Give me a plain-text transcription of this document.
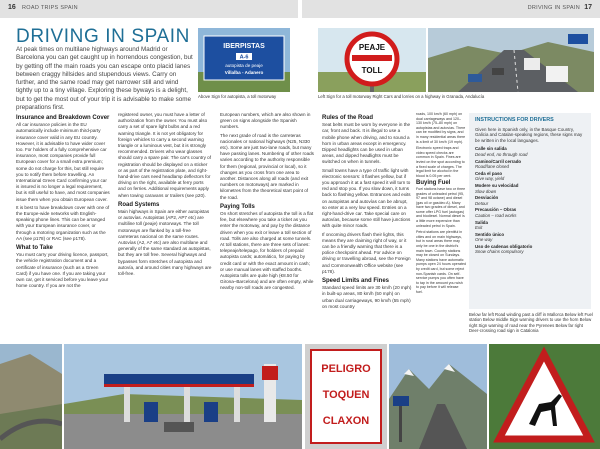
16 ROAD TRIPS SPAIN	DRIVING IN SPAIN 17
DRIVING IN SPAIN

At peak times on multilane highways around Madrid or Barcelona you can get caught up in horrendous congestion, but by getting off the main roads you can escape onto placid lanes between craggy hillsides and stupendous views. Carry on further, and the same road may get narrower still and wind tightly up to a tiny village. Exploring these byways is a delight, but to get the most out of your trip it is advisable to make some preparations first.

IBERPISTAS
A-6
autopista de peaje
Villalba - Adanero
Above Sign for autopista, a toll motorway
PEAJE
TOLL
Left Sign for a toll motorway Right Cars and lorries on a highway in Granada, Andalucía
Insurance and Breakdown Cover

All car insurance policies in the EU automatically include minimum third-party insurance cover valid in any EU country. However, it is advisable to have wider cover too. For holders of a fully comprehensive car insurance, most companies provide full European cover for a small extra premium; some do not charge for this, but still require you to notify them before travelling. An International Green Card confirming your car is insured is no longer a legal requirement, but is still useful to have, and most companies issue them when you obtain European cover.

It is best to have breakdown cover with one of the Europe-wide networks with English-speaking phone lines. This can be arranged with your European insurance cover, or through a motoring organization such as the AA (see p178) or RAC (see p178).

What to Take

You must carry your driving licence, passport, the vehicle registration document and a certificate of insurance (such as a Green Card) if you have one. If you are taking your own car, get it serviced before you leave your home country. If you are not the

registered owner, you must have a letter of authorization from the owner. You must also carry a set of spare light bulbs and a red warning triangle. It is not yet obligatory for foreign vehicles to carry a second warning triangle or a luminous vest, but it is strongly recommended. Drivers who wear glasses should carry a spare pair. The car's country of registration should be displayed on a sticker or as part of the registration plate, and right-hand-drive cars need headlamp deflectors for driving on the right, available at ferry ports and on ferries. Additional requirements apply when towing caravans or trailers (see p20).

Road Systems

Main highways in Spain are either autopistas or autovías. Autopistas (AP2, AP7 etc) are multiline toll (peaje) motorways. The toll motorways are flanked by a toll-free carreteras nacional on the same routes. Autovías (A2, A7 etc) are also multilane and generally of the same standard as autopistas, but they are toll free. Several highways and bypasses form stretches of autopista and autovía, and around cities many highways are toll-free.

European numbers, which are also shown in green on signs alongside the Spanish numbers.

The next grade of road is the carreteras nacionales or national highways (N25, N330 etc). Some are just two-lane roads, but many have passing lanes. Numbering of other roads varies according to the authority responsible for them (regional, provincial or local), so it changes as you cross from one area to another. Distances along all roads (and exit numbers on motorways) are marked in kilometres from the theoretical start point of the road.

Paying Tolls

On short stretches of autopista the toll is a flat fee, but elsewhere you take a ticket as you enter the motorway, and pay by the distance driven when you exit or leave a toll section of road. Tolls are also charged at some tunnels. At toll stations, there are three sets of lanes: telepeaje/telepago, for holders of prepaid autopista cards; automático, for paying by credit card or with the exact amount in cash; or use manual lanes with staffed booths. Autopista tolls are quite high (€8.50 for Girona–Barcelona) and are often empty, while nearby non-toll roads are congested.

Rules of the Road

Seat belts must be worn by everyone in the car, front and back. It is illegal to use a mobile phone when driving, and to sound a horn in urban areas except in emergency. Dipped headlights can be used in urban areas, and dipped headlights must be switched on when in tunnels.

Small towns have a type of traffic light with electronic sensors: it flashes yellow, but if you approach it at a fast speed it will turn to red and stop you. If you slow down, it turns back to flashing yellow. Entrances and exits on autopistas and autovías can be abrupt, so enter at a very low speed. Entries on a right-hand-drive car. Take special care on autovías, because some still have junctions with quite minor roads.

If oncoming drivers flash their lights, this means they are claiming right of way, or it can be a friendly warning that there is a police checkpoint ahead. For advice on driving or travelling abroad, see the Foreign and Commonwealth Office website (see p178).

Speed Limits and Fines

Standard speed limits are 30 km/h (20 mph) in built-up areas, 80 km/h (50 mph) on urban dual carriageways, 90 km/h (55 mph) on most country

roads, 100 km/h (60 mph) on dual carriageways and 120–130 km/h (75–80 mph) on autopistas and autovías. There can be modified by signs, and in many residential areas there is a limit of 30 km/h (19 mph).

Electronic speed traps and video speed checks are common in Spain. Fines are levied on the spot according to a fixed scale of charges. The legal limit for alcohol in the blood is 0.05 per cent.

Buying Fuel

Fuel stations have two or three grades of unleaded petrol (95, 97 and 98 octane) and diesel (gas oil or gasóleo A). Many have two grades of diesel, and some offer LPG fuel (autogas) and biodiesel. Normal diesel is a little more expensive than unleaded petrol in Spain.

Petrol stations are plentiful in cities and on main highways, but in rural areas there may only be one in the district's main town. Country stations may be closed on Sundays. Many stations have automatic pumps open 24 hours operated by credit card, but some reject non-Spanish cards. On self-service pumps you often have to tap in the amount you wish to pay before it will release fuel.

INSTRUCTIONS FOR DRIVERS
Given here in Spanish only, in the Basque Country, Galicia and Catalan-speaking regions, these signs may be written in the local languages.
Calle sin salida
Dead end, no through road
Camino/Carril cerrado
Road/lane closed
Ceda el paso
Give way, yield
Modere su velocidad
Slow down
Desviación
Detour
Precaución – Obras
Caution – road works
Salida
Exit
Sentido único
One way
Uso de cadenas obligatorio
Snow chains compulsory
Below far left Road winding past a cliff in Mallorca Below left Fuel station Below middle Sign warning drivers to use the horn Below right Sign warning of road near the Pyrenees Below far right Deer-crossing road sign in Catalonia
PELIGRO
TOQUEN
CLAXON
